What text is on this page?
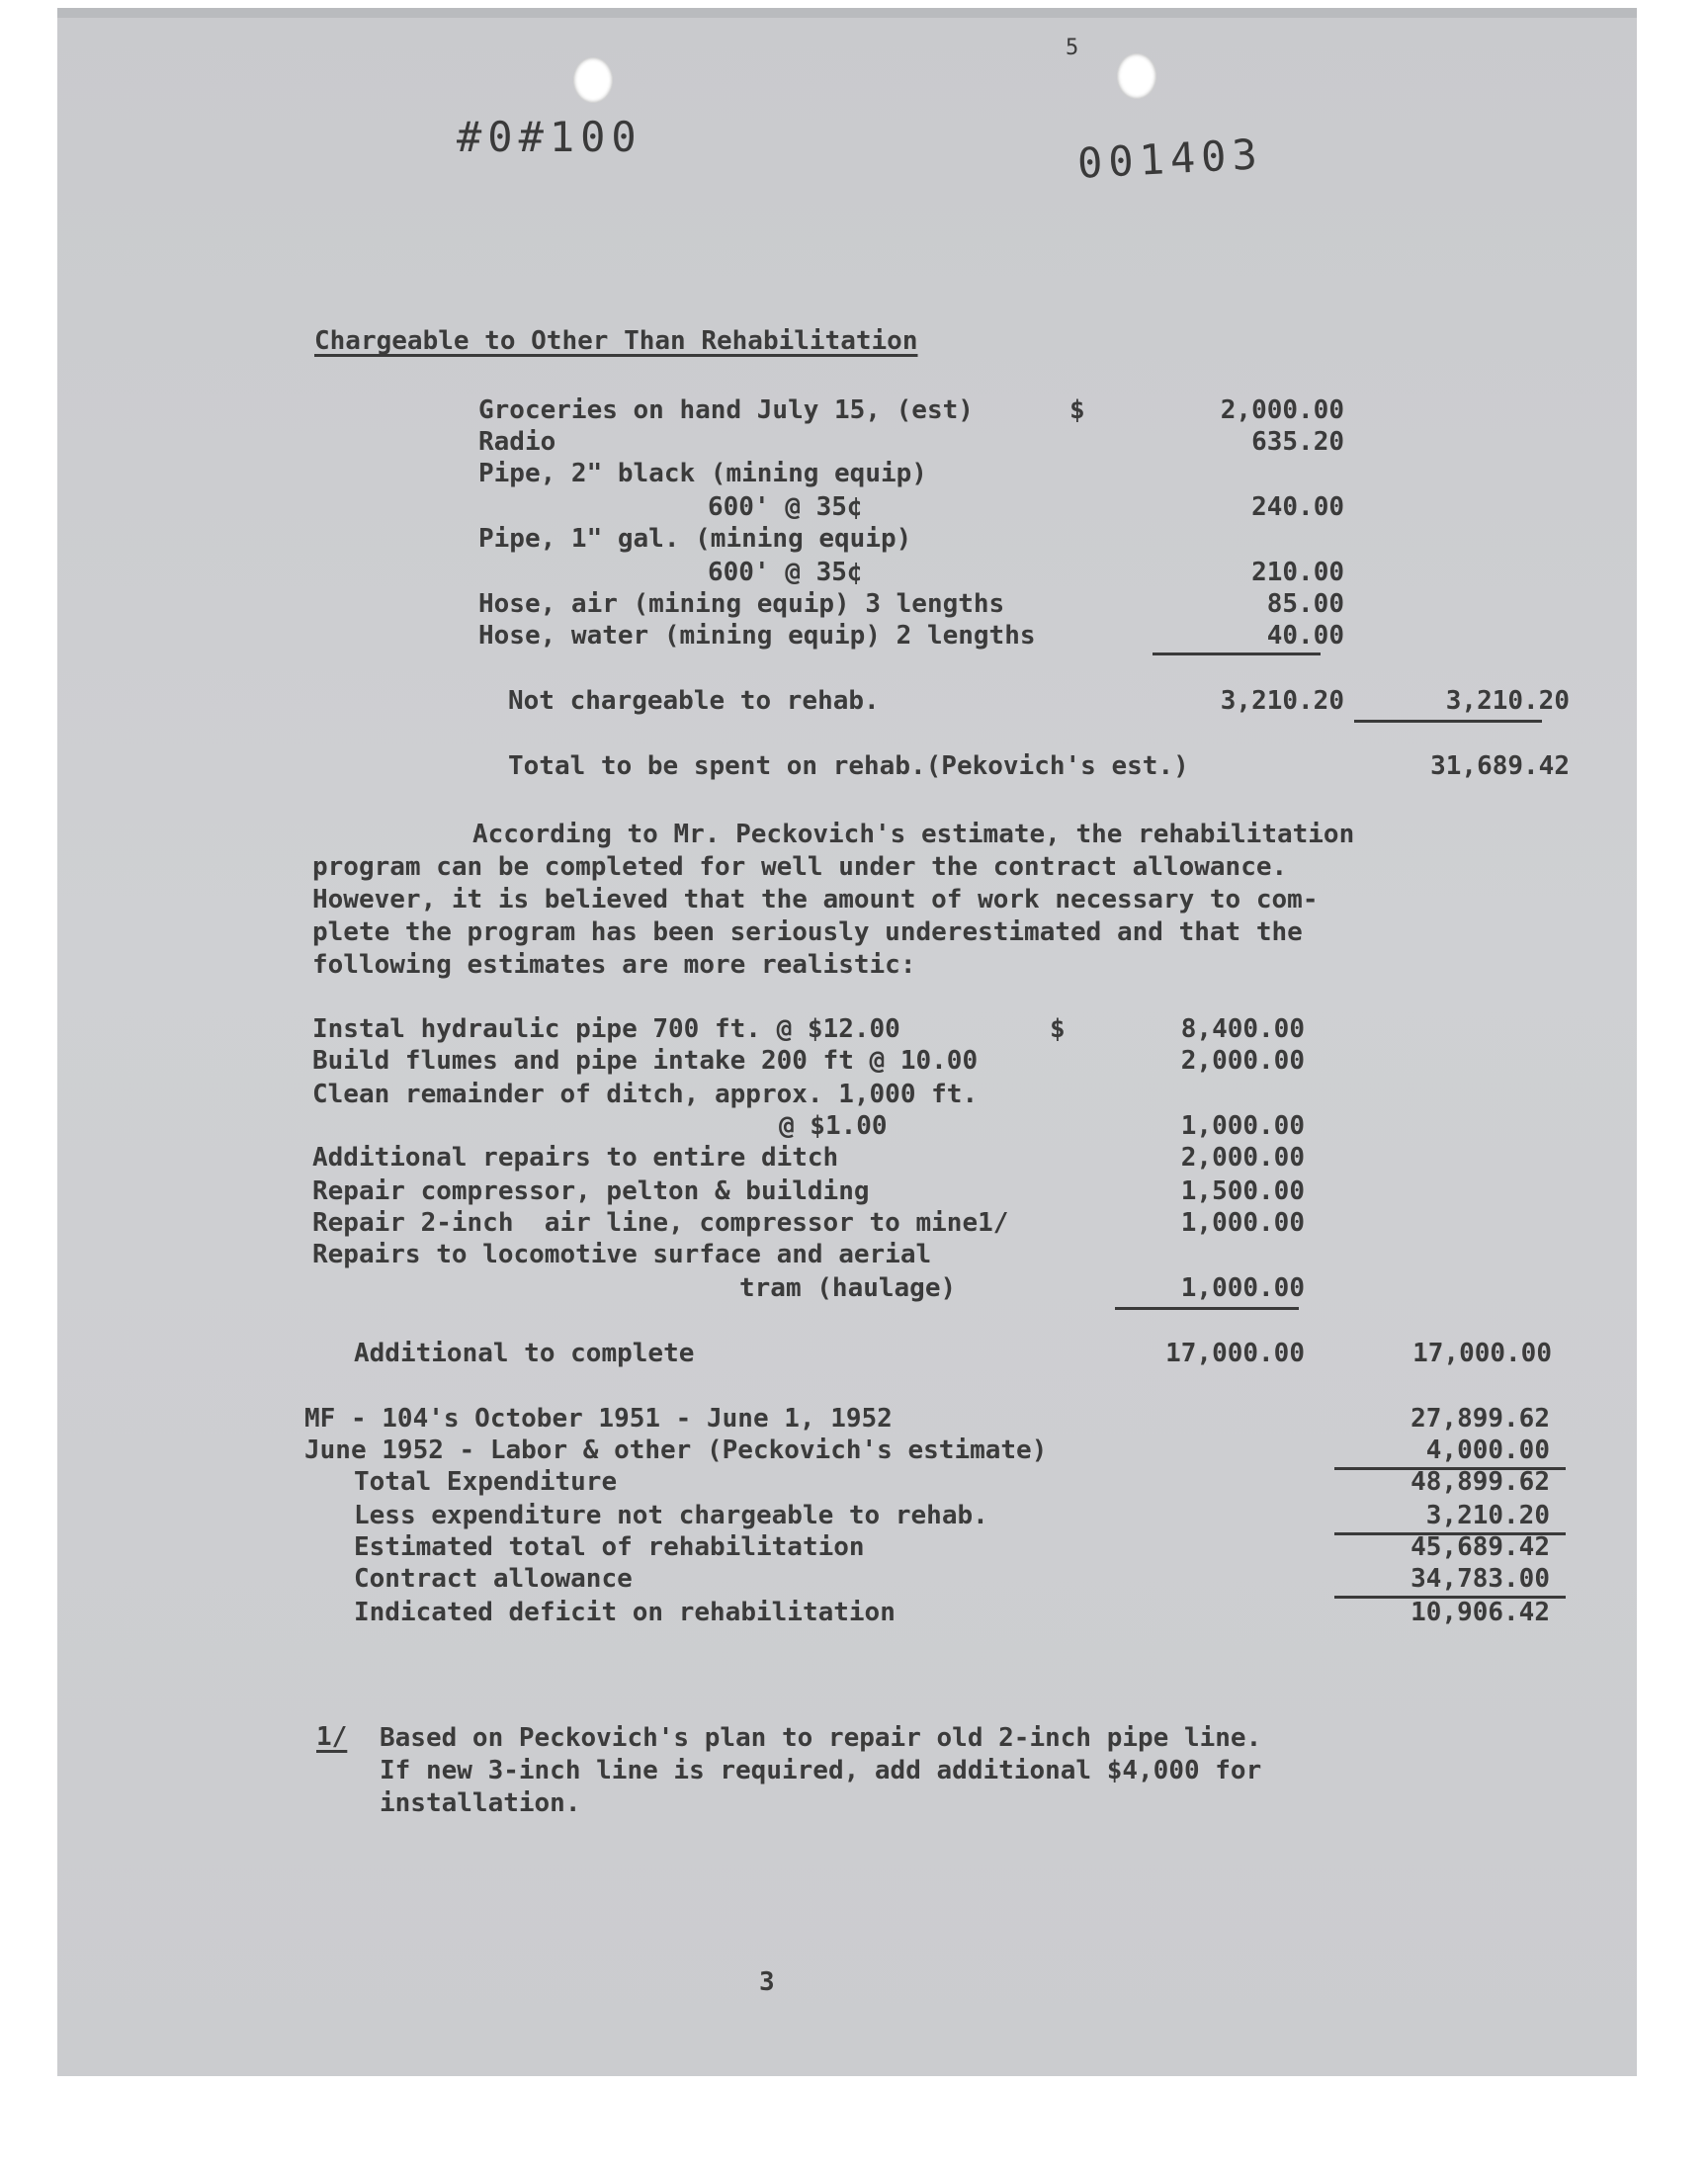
#0#100	001403
5
Chargeable to Other Than Rehabilitation
Groceries on hand July 15, (est)	$	2,000.00
Radio	635.20
Pipe, 2" black (mining equip)
600' @ 35¢	240.00
Pipe, 1" gal. (mining equip)
600' @ 35¢	210.00
Hose, air (mining equip) 3 lengths	85.00
Hose, water (mining equip) 2 lengths	40.00
Not chargeable to rehab.	3,210.20	3,210.20
Total to be spent on rehab.(Pekovich's est.)	31,689.42
According to Mr. Peckovich's estimate, the rehabilitation
program can be completed for well under the contract allowance.
However, it is believed that the amount of work necessary to com-
plete the program has been seriously underestimated and that the
following estimates are more realistic:
Instal hydraulic pipe 700 ft. @ $12.00	$	8,400.00
Build flumes and pipe intake 200 ft @ 10.00	2,000.00
Clean remainder of ditch, approx. 1,000 ft.
@ $1.00	1,000.00
Additional repairs to entire ditch	2,000.00
Repair compressor, pelton & building	1,500.00
Repair 2-inch  air line, compressor to mine1/	1,000.00
Repairs to locomotive surface and aerial
tram (haulage)	1,000.00
Additional to complete	17,000.00	17,000.00
MF - 104's October 1951 - June 1, 1952	27,899.62
June 1952 - Labor & other (Peckovich's estimate)	4,000.00
Total Expenditure	48,899.62
Less expenditure not chargeable to rehab.	3,210.20
Estimated total of rehabilitation	45,689.42
Contract allowance	34,783.00
Indicated deficit on rehabilitation	10,906.42
1/ Based on Peckovich's plan to repair old 2-inch pipe line.
If new 3-inch line is required, add additional $4,000 for
installation.
3
